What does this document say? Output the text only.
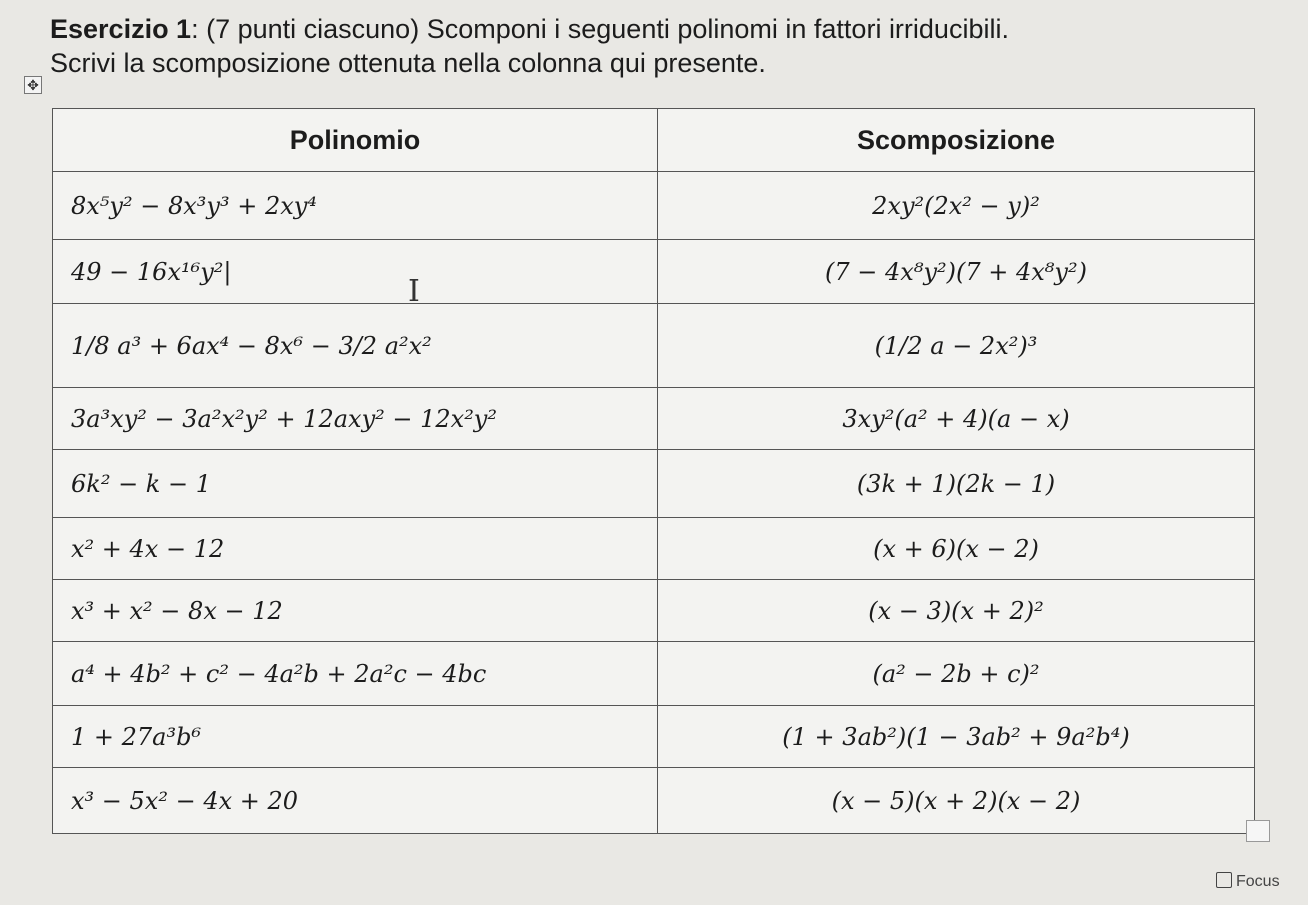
Esercizio 1: (7 punti ciascuno) Scomponi i seguenti polinomi in fattori irriducibili.
Scrivi la scomposizione ottenuta nella colonna qui presente.
✥
Polinomio	Scomposizione
8x⁵y² − 8x³y³ + 2xy⁴	2xy²(2x² − y)²
49 − 16x¹⁶y²|	(7 − 4x⁸y²)(7 + 4x⁸y²)
1/8 a³ + 6ax⁴ − 8x⁶ − 3/2 a²x²	(1/2 a − 2x²)³
3a³xy² − 3a²x²y² + 12axy² − 12x²y²	3xy²(a² + 4)(a − x)
6k² − k − 1	(3k + 1)(2k − 1)
x² + 4x − 12	(x + 6)(x − 2)
x³ + x² − 8x − 12	(x − 3)(x + 2)²
a⁴ + 4b² + c² − 4a²b + 2a²c − 4bc	(a² − 2b + c)²
1 + 27a³b⁶	(1 + 3ab²)(1 − 3ab² + 9a²b⁴)
x³ − 5x² − 4x + 20	(x − 5)(x + 2)(x − 2)
I
Focus
